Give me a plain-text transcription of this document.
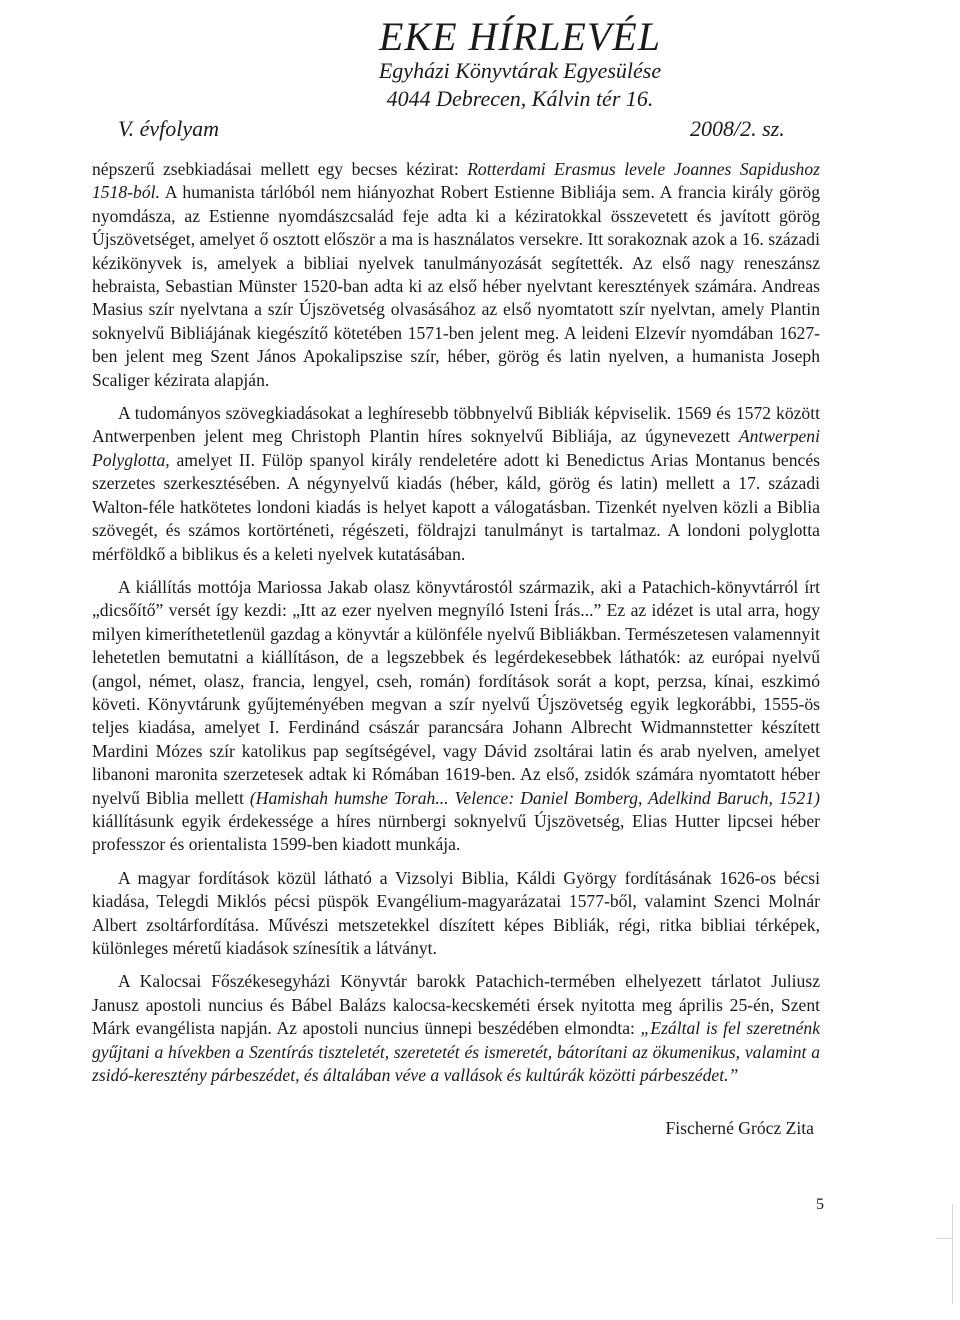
EKE HÍRLEVÉL
Egyházi Könyvtárak Egyesülése
4044 Debrecen, Kálvin tér 16.
V. évfolyam	2008/2. sz.

népszerű zsebkiadásai mellett egy becses kézirat: Rotterdami Erasmus levele Joannes Sapidushoz 1518-ból. A humanista tárlóból nem hiányozhat Robert Estienne Bibliája sem. A francia király görög nyomdásza, az Estienne nyomdászcsalád feje adta ki a kéziratokkal összevetett és javított görög Újszövetséget, amelyet ő osztott először a ma is használatos versekre. Itt sorakoznak azok a 16. századi kézikönyvek is, amelyek a bibliai nyelvek tanulmányozását segítették. Az első nagy reneszánsz hebraista, Sebastian Münster 1520-ban adta ki az első héber nyelvtant keresztények számára. Andreas Masius szír nyelvtana a szír Újszövetség olvasásához az első nyomtatott szír nyelvtan, amely Plantin soknyelvű Bibliájának kiegészítő kötetében 1571-ben jelent meg. A leideni Elzevír nyomdában 1627-ben jelent meg Szent János Apokalipszise szír, héber, görög és latin nyelven, a humanista Joseph Scaliger kézirata alapján.

A tudományos szövegkiadásokat a leghíresebb többnyelvű Bibliák képviselik. 1569 és 1572 között Antwerpenben jelent meg Christoph Plantin híres soknyelvű Bibliája, az úgynevezett Antwerpeni Polyglotta, amelyet II. Fülöp spanyol király rendeletére adott ki Benedictus Arias Montanus bencés szerzetes szerkesztésében. A négynyelvű kiadás (héber, káld, görög és latin) mellett a 17. századi Walton-féle hatkötetes londoni kiadás is helyet kapott a válogatásban. Tizenkét nyelven közli a Biblia szövegét, és számos kortörténeti, régészeti, földrajzi tanulmányt is tartalmaz. A londoni polyglotta mérföldkő a biblikus és a keleti nyelvek kutatásában.

A kiállítás mottója Mariossa Jakab olasz könyvtárostól származik, aki a Patachich-könyvtárról írt „dicsőítő” versét így kezdi: „Itt az ezer nyelven megnyíló Isteni Írás...” Ez az idézet is utal arra, hogy milyen kimeríthetetlenül gazdag a könyvtár a különféle nyelvű Bibliákban. Természetesen valamennyit lehetetlen bemutatni a kiállításon, de a legszebbek és legérdekesebbek láthatók: az európai nyelvű (angol, német, olasz, francia, lengyel, cseh, román) fordítások sorát a kopt, perzsa, kínai, eszkimó követi. Könyvtárunk gyűjteményében megvan a szír nyelvű Újszövetség egyik legkorábbi, 1555-ös teljes kiadása, amelyet I. Ferdinánd császár parancsára Johann Albrecht Widmannstetter készített Mardini Mózes szír katolikus pap segítségével, vagy Dávid zsoltárai latin és arab nyelven, amelyet libanoni maronita szerzetesek adtak ki Rómában 1619-ben. Az első, zsidók számára nyomtatott héber nyelvű Biblia mellett (Hamishah humshe Torah... Velence: Daniel Bomberg, Adelkind Baruch, 1521) kiállításunk egyik érdekessége a híres nürnbergi soknyelvű Újszövetség, Elias Hutter lipcsei héber professzor és orientalista 1599-ben kiadott munkája.

A magyar fordítások közül látható a Vizsolyi Biblia, Káldi György fordításának 1626-os bécsi kiadása, Telegdi Miklós pécsi püspök Evangélium-magyarázatai 1577-ből, valamint Szenci Molnár Albert zsoltárfordítása. Művészi metszetekkel díszített képes Bibliák, régi, ritka bibliai térképek, különleges méretű kiadások színesítik a látványt.

A Kalocsai Főszékesegyházi Könyvtár barokk Patachich-termében elhelyezett tárlatot Juliusz Janusz apostoli nuncius és Bábel Balázs kalocsa-kecskeméti érsek nyitotta meg április 25-én, Szent Márk evangélista napján. Az apostoli nuncius ünnepi beszédében elmondta: „Ezáltal is fel szeretnénk gyűjtani a hívekben a Szentírás tiszteletét, szeretetét és ismeretét, bátorítani az ökumenikus, valamint a zsidó-keresztény párbeszédet, és általában véve a vallások és kultúrák közötti párbeszédet.”

Fischerné Grócz Zita
5
